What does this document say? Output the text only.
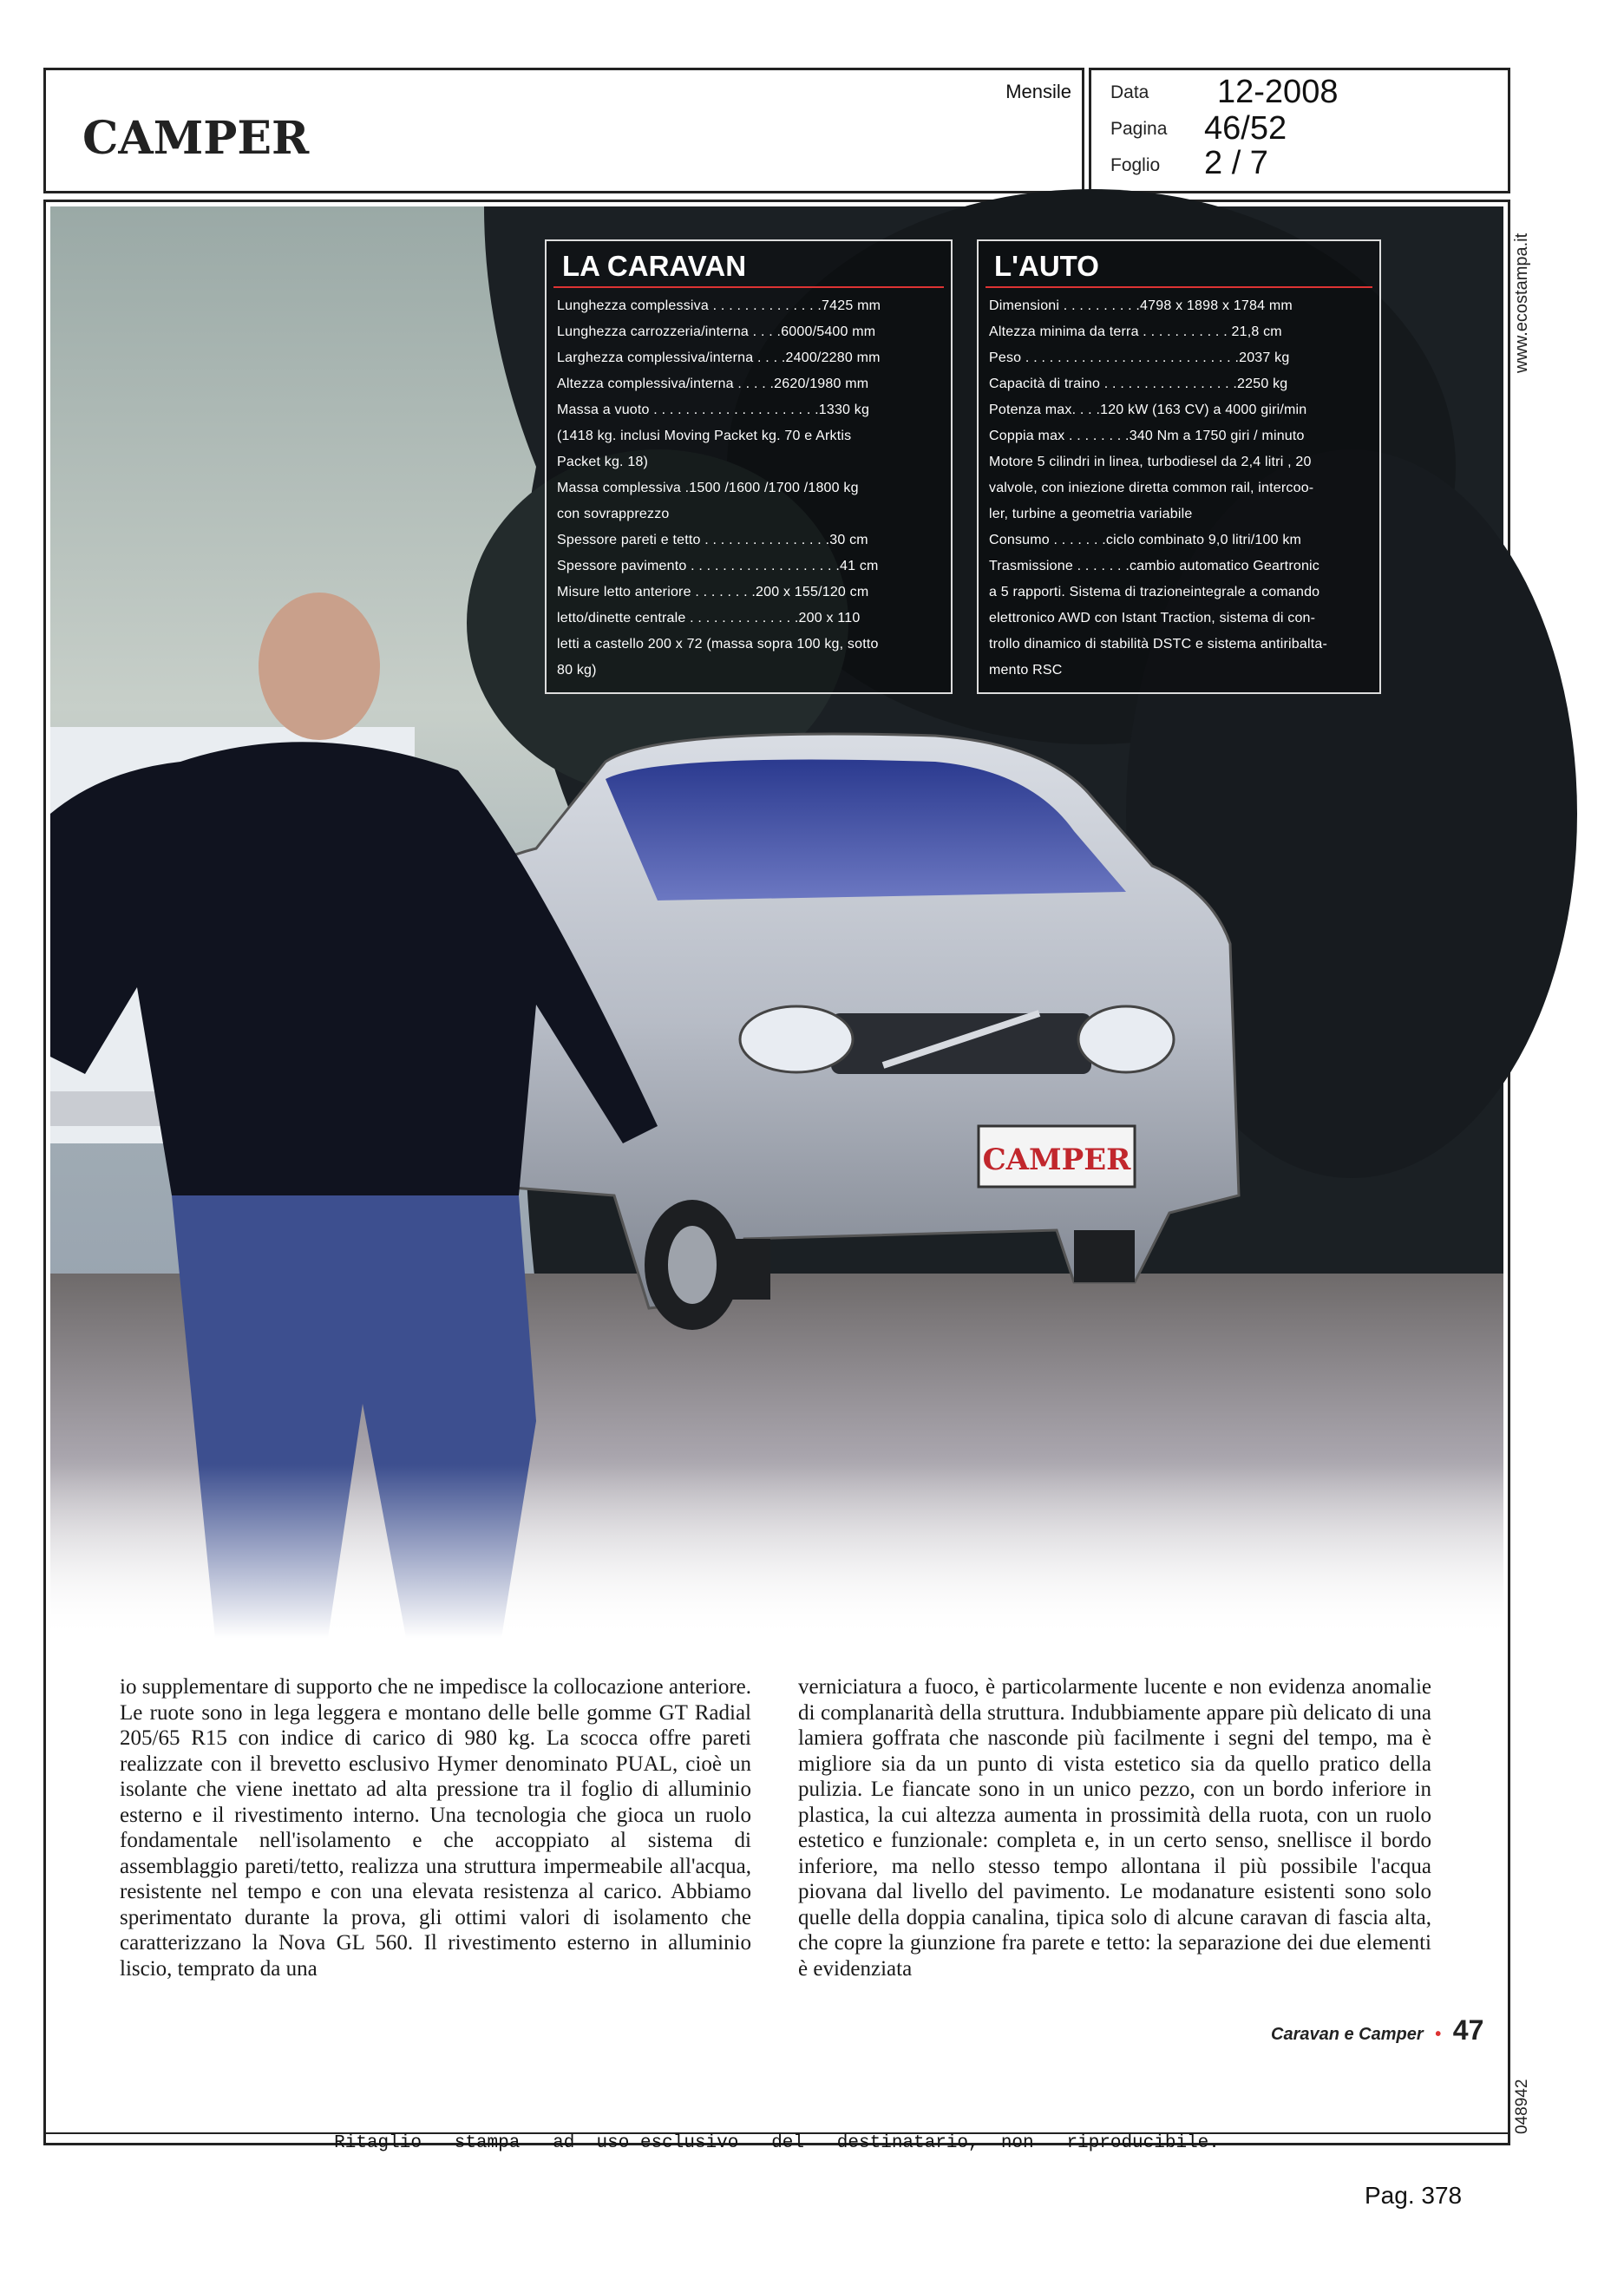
CAMPER
Mensile Data 12-2008
Pagina 46/52
Foglio 2 / 7
www.ecostampa.it
048942
CAMPER
LA CARAVAN
Lunghezza complessiva . . . . . . . . . . . . . .7425 mm
Lunghezza carrozzeria/interna . . . .6000/5400 mm
Larghezza complessiva/interna . . . .2400/2280 mm
Altezza complessiva/interna . . . . .2620/1980 mm
Massa a vuoto . . . . . . . . . . . . . . . . . . . . .1330 kg
(1418 kg. inclusi Moving Packet kg. 70 e Arktis
Packet kg. 18)
Massa complessiva .1500 /1600 /1700 /1800 kg
con sovrapprezzo
Spessore pareti e tetto . . . . . . . . . . . . . . . .30 cm
Spessore pavimento . . . . . . . . . . . . . . . . . . .41 cm
Misure letto anteriore . . . . . . . .200 x 155/120 cm
letto/dinette centrale . . . . . . . . . . . . . .200 x 110
letti a castello 200 x 72 (massa sopra 100 kg, sotto
80 kg)
L'AUTO
Dimensioni . . . . . . . . . .4798 x 1898 x 1784 mm
Altezza minima da terra . . . . . . . . . . . 21,8 cm
Peso . . . . . . . . . . . . . . . . . . . . . . . . . . .2037 kg
Capacità di traino . . . . . . . . . . . . . . . . .2250 kg
Potenza max. . . .120 kW (163 CV) a 4000 giri/min
Coppia max . . . . . . . .340 Nm a 1750 giri / minuto
Motore 5 cilindri in linea, turbodiesel da 2,4 litri , 20
valvole, con iniezione diretta common rail, intercoo-
ler, turbine a geometria variabile
Consumo . . . . . . .ciclo combinato 9,0 litri/100 km
Trasmissione . . . . . . .cambio automatico Geartronic
a 5 rapporti. Sistema di trazioneintegrale a comando
elettronico AWD con Istant Traction, sistema di con-
trollo dinamico di stabilità DSTC e sistema antiribalta-
mento RSC
io supplementare di supporto che ne impedisce la collocazione anteriore. Le ruote sono in lega leggera e montano delle belle gomme GT Radial 205/65 R15 con indice di carico di 980 kg. La scocca offre pareti realizzate con il brevetto esclusivo Hymer denominato PUAL, cioè un isolante che viene inettato ad alta pressione tra il foglio di alluminio esterno e il rivestimento interno. Una tecnologia che gioca un ruolo fondamentale nell'isolamento e che accoppiato al sistema di assemblaggio pareti/tetto, realizza una struttura impermeabile all'acqua, resistente nel tempo e con una elevata resistenza al carico. Abbiamo sperimentato durante la prova, gli ottimi valori di isolamento che caratterizzano la Nova GL 560. Il rivestimento esterno in alluminio liscio, temprato da una
verniciatura a fuoco, è particolarmente lucente e non evidenza anomalie di complanarità della struttura. Indubbiamente appare più delicato di una lamiera goffrata che nasconde più facilmente i segni del tempo, ma è migliore sia da un punto di vista estetico sia da quello pratico della pulizia. Le fiancate sono in un unico pezzo, con un bordo inferiore in plastica, la cui altezza aumenta in prossimità della ruota, con un ruolo estetico e funzionale: completa e, in un certo senso, snellisce il bordo inferiore, ma nello stesso tempo allontana il più possibile l'acqua piovana dal livello del pavimento. Le modanature esistenti sono solo quelle della doppia canalina, tipica solo di alcune caravan di fascia alta, che copre la giunzione fra parete e tetto: la separazione dei due elementi è evidenziata
Caravan e Camper • 47
Ritaglio   stampa   ad  uso esclusivo   del   destinatario,  non   riproducibile.
Pag. 378
